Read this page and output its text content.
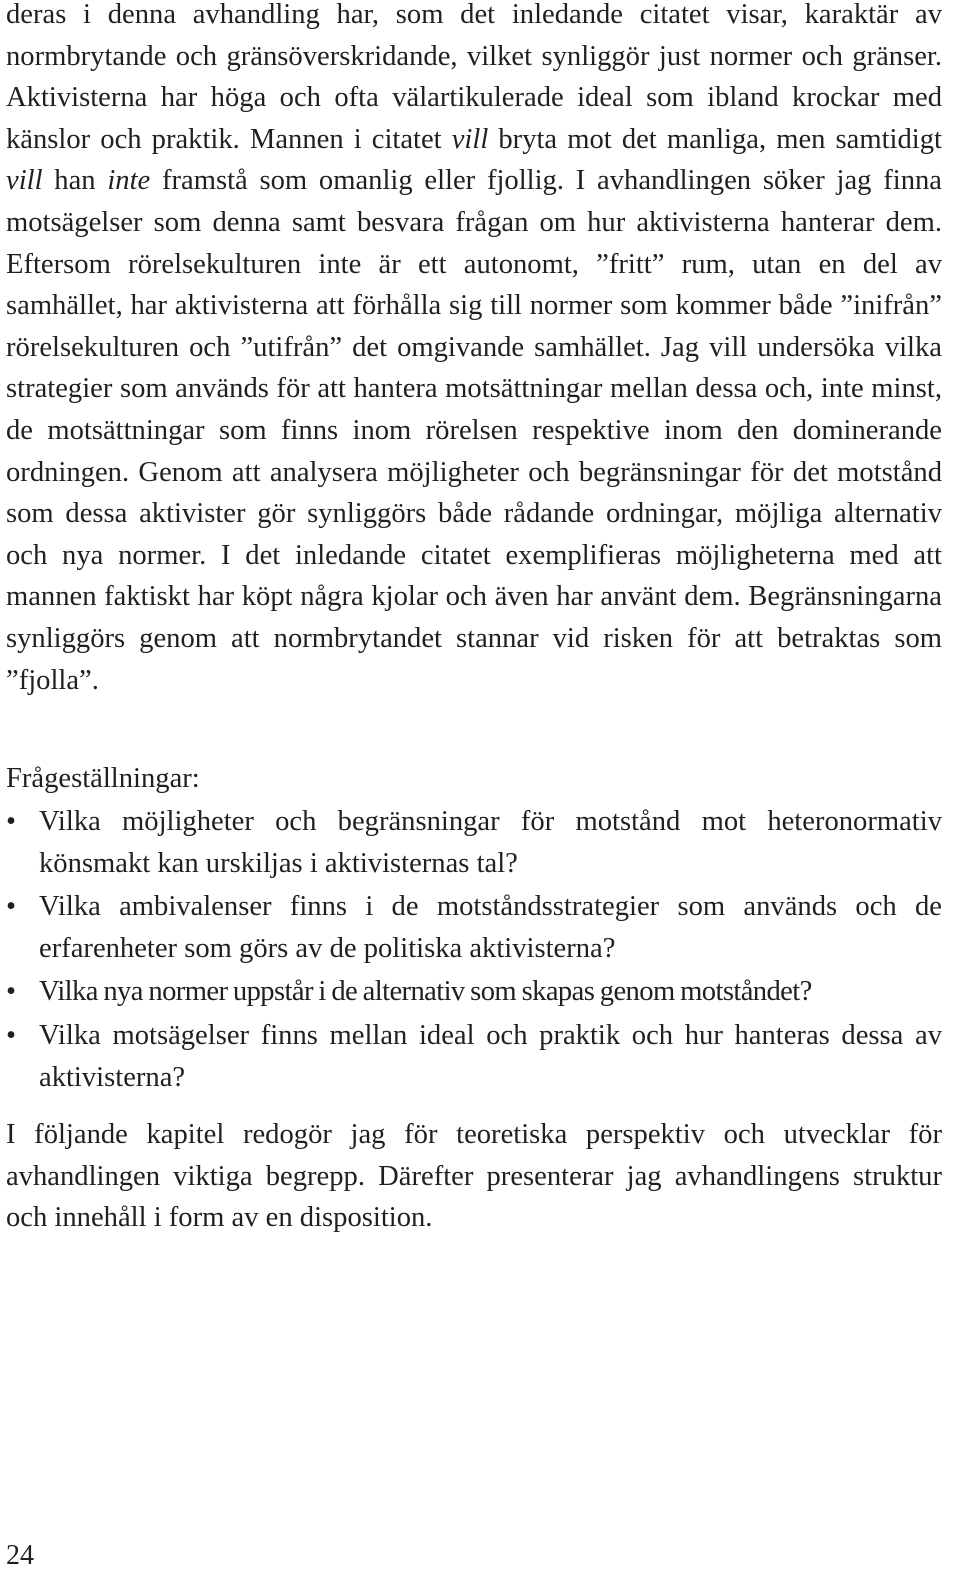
deras i denna avhandling har, som det inledande citatet visar, karaktär av normbrytande och gränsöverskridande, vilket synliggör just normer och gränser. Aktivisterna har höga och ofta välartikulerade ideal som ibland krockar med känslor och praktik. Mannen i citatet vill bryta mot det manliga, men samtidigt vill han inte framstå som omanlig eller fjollig. I avhandlingen söker jag finna motsägelser som denna samt besvara frågan om hur aktivisterna hanterar dem. Eftersom rörelsekulturen inte är ett autonomt, ”fritt” rum, utan en del av samhället, har aktivisterna att förhålla sig till normer som kommer både ”inifrån” rörelsekulturen och ”utifrån” det omgivande samhället. Jag vill undersöka vilka strategier som används för att hantera motsättningar mellan dessa och, inte minst, de motsättningar som finns inom rörelsen respektive inom den dominerande ordningen. Genom att analysera möjligheter och begränsningar för det motstånd som dessa aktivister gör synliggörs både rådande ordningar, möjliga alternativ och nya normer. I det inledande citatet exemplifieras möjligheterna med att mannen faktiskt har köpt några kjolar och även har använt dem. Begränsningarna synliggörs genom att normbrytandet stannar vid risken för att betraktas som ”fjolla”.

Frågeställningar:

• Vilka möjligheter och begränsningar för motstånd mot heteronormativ könsmakt kan urskiljas i aktivisternas tal?
• Vilka ambivalenser finns i de motståndsstrategier som används och de erfarenheter som görs av de politiska aktivisterna?
• Vilka nya normer uppstår i de alternativ som skapas genom motståndet?
• Vilka motsägelser finns mellan ideal och praktik och hur hanteras dessa av aktivisterna?

I följande kapitel redogör jag för teoretiska perspektiv och utvecklar för avhandlingen viktiga begrepp. Därefter presenterar jag avhandlingens struktur och innehåll i form av en disposition.

24
